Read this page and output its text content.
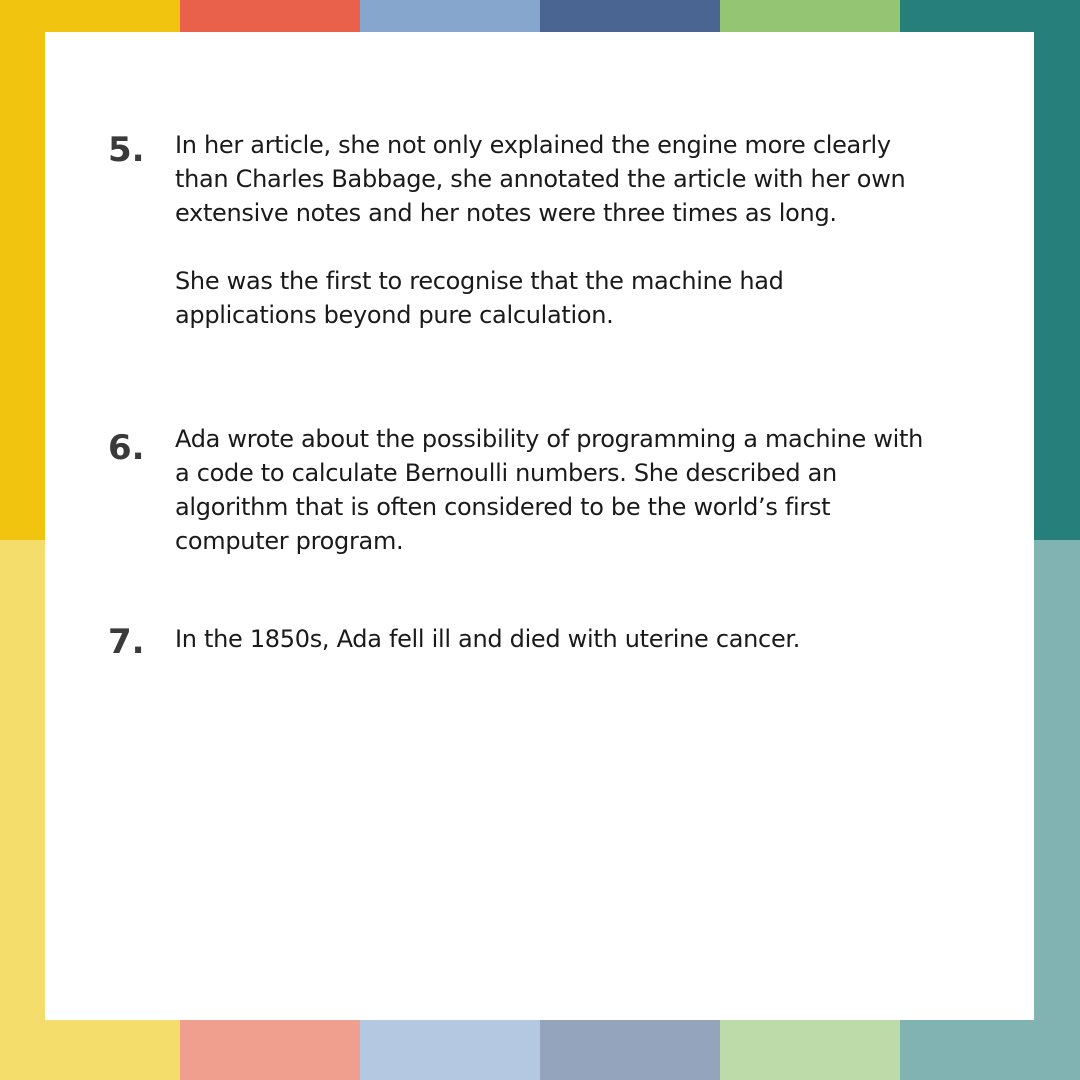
5.	In her article, she not only explained the engine more clearly than Charles Babbage, she annotated the article with her own extensive notes and her notes were three times as long.

She was the first to recognise that the machine had applications beyond pure calculation.

6.	Ada wrote about the possibility of programming a machine with a code to calculate Bernoulli numbers. She described an algorithm that is often considered to be the world’s first computer program.

7.	In the 1850s, Ada fell ill and died with uterine cancer.
